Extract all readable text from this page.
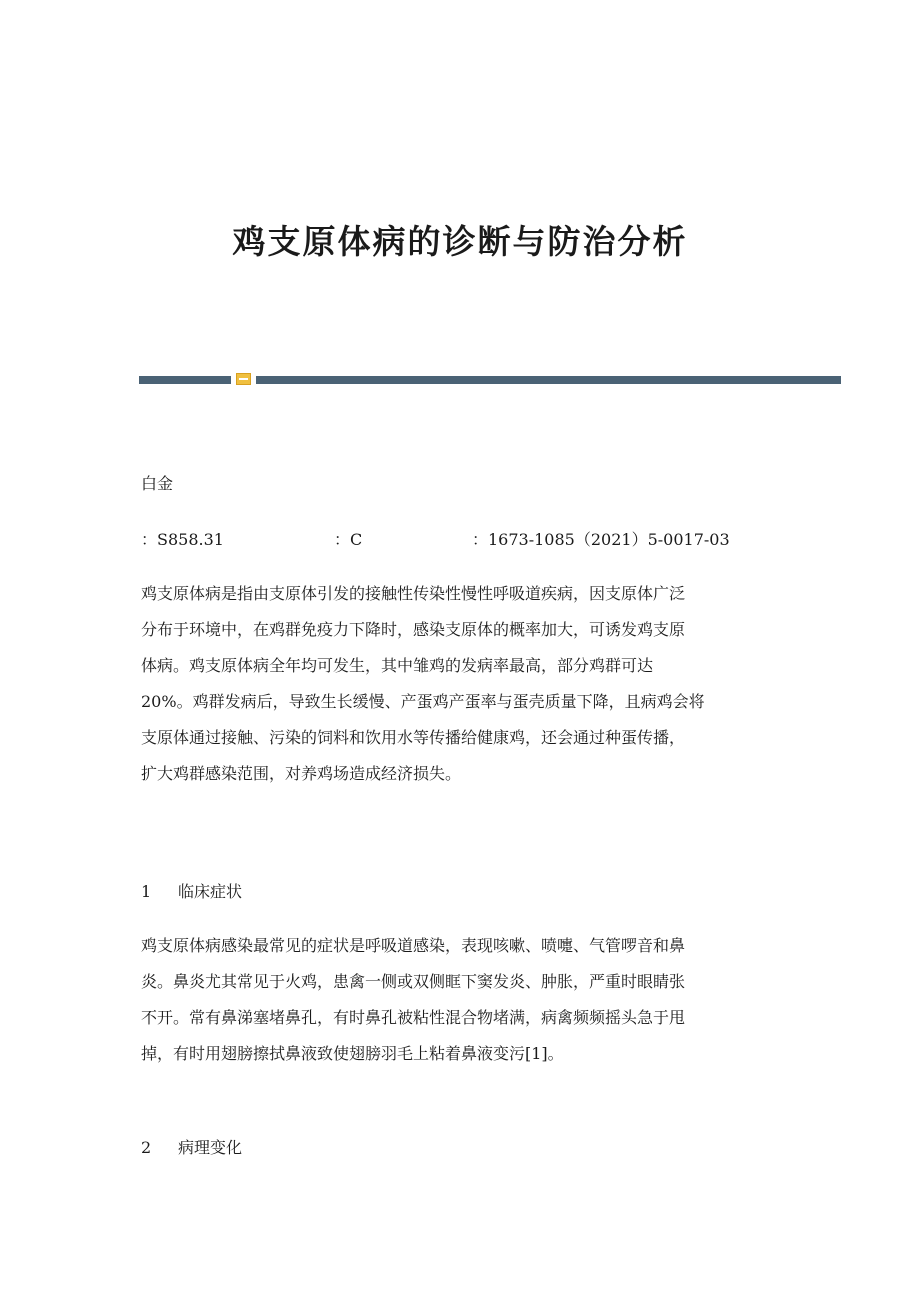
鸡支原体病的诊断与防治分析
白金
：S858.31	：C	：1673-1085（2021）5-0017-03
鸡支原体病是指由支原体引发的接触性传染性慢性呼吸道疾病，因支原体广泛
分布于环境中，在鸡群免疫力下降时，感染支原体的概率加大，可诱发鸡支原
体病。鸡支原体病全年均可发生，其中雏鸡的发病率最高，部分鸡群可达
20%。鸡群发病后，导致生长缓慢、产蛋鸡产蛋率与蛋壳质量下降，且病鸡会将
支原体通过接触、污染的饲料和饮用水等传播给健康鸡，还会通过种蛋传播，
扩大鸡群感染范围，对养鸡场造成经济损失。
1 临床症状
鸡支原体病感染最常见的症状是呼吸道感染，表现咳嗽、喷嚏、气管啰音和鼻
炎。鼻炎尤其常见于火鸡，患禽一侧或双侧眶下窦发炎、肿胀，严重时眼睛张
不开。常有鼻涕塞堵鼻孔，有时鼻孔被粘性混合物堵满，病禽频频摇头急于甩
掉，有时用翅膀擦拭鼻液致使翅膀羽毛上粘着鼻液变污[1]。
2 病理变化
